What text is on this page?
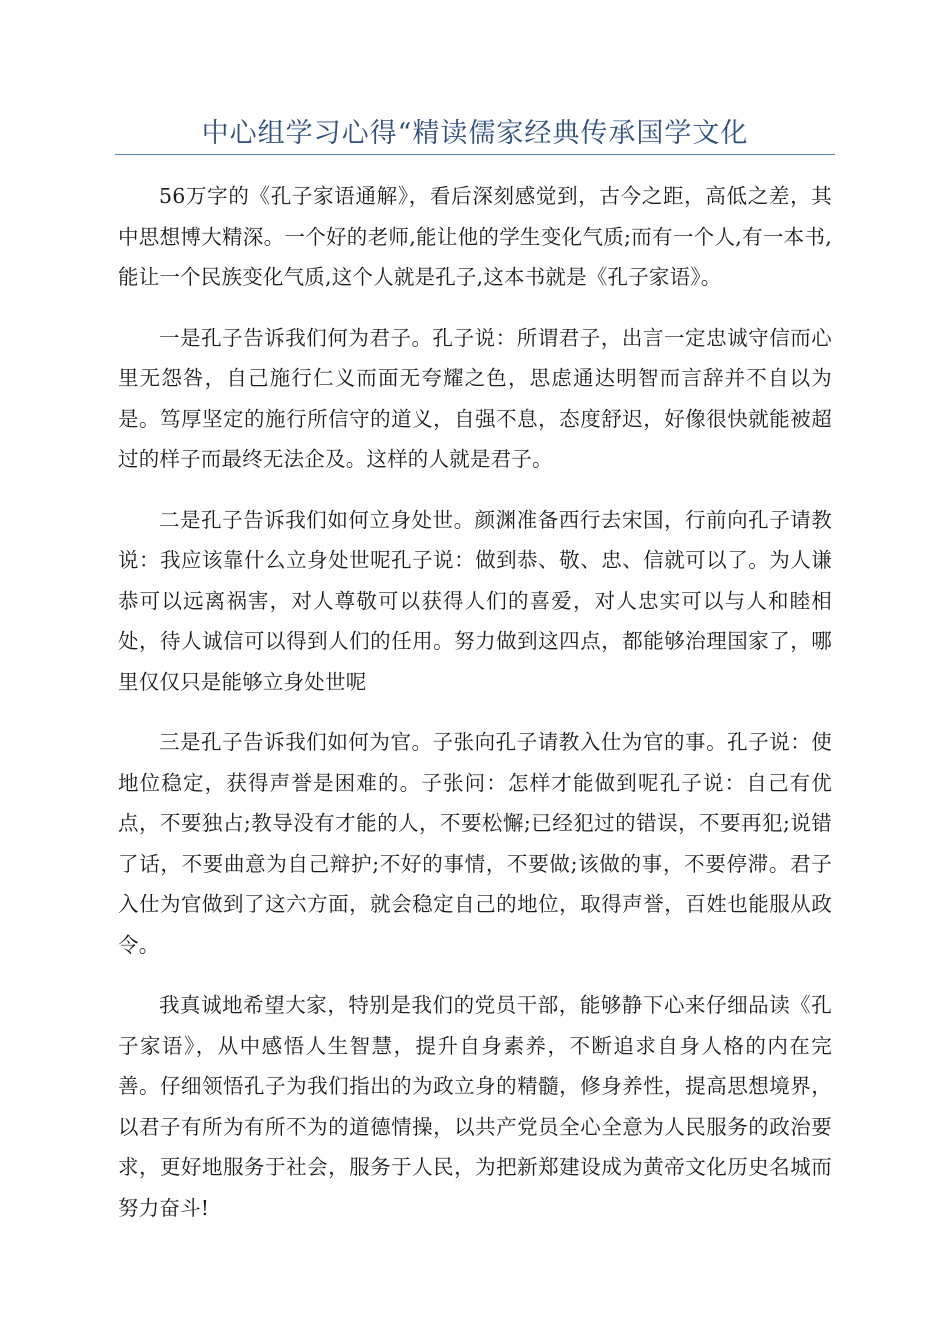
中心组学习心得“精读儒家经典传承国学文化

56万字的《孔子家语通解》，看后深刻感觉到，古今之距，高低之差，其中思想博大精深。一个好的老师,能让他的学生变化气质;而有一个人,有一本书,能让一个民族变化气质,这个人就是孔子,这本书就是《孔子家语》。

一是孔子告诉我们何为君子。孔子说：所谓君子，出言一定忠诚守信而心里无怨咎，自己施行仁义而面无夸耀之色，思虑通达明智而言辞并不自以为是。笃厚坚定的施行所信守的道义，自强不息，态度舒迟，好像很快就能被超过的样子而最终无法企及。这样的人就是君子。

二是孔子告诉我们如何立身处世。颜渊准备西行去宋国，行前向孔子请教说：我应该靠什么立身处世呢孔子说：做到恭、敬、忠、信就可以了。为人谦恭可以远离祸害，对人尊敬可以获得人们的喜爱，对人忠实可以与人和睦相处，待人诚信可以得到人们的任用。努力做到这四点，都能够治理国家了，哪里仅仅只是能够立身处世呢

三是孔子告诉我们如何为官。子张向孔子请教入仕为官的事。孔子说：使地位稳定，获得声誉是困难的。子张问：怎样才能做到呢孔子说：自己有优点，不要独占;教导没有才能的人，不要松懈;已经犯过的错误，不要再犯;说错了话，不要曲意为自己辩护;不好的事情，不要做;该做的事，不要停滞。君子入仕为官做到了这六方面，就会稳定自己的地位，取得声誉，百姓也能服从政令。

我真诚地希望大家，特别是我们的党员干部，能够静下心来仔细品读《孔子家语》，从中感悟人生智慧，提升自身素养，不断追求自身人格的内在完善。仔细领悟孔子为我们指出的为政立身的精髓，修身养性，提高思想境界，以君子有所为有所不为的道德情操，以共产党员全心全意为人民服务的政治要求，更好地服务于社会，服务于人民，为把新郑建设成为黄帝文化历史名城而努力奋斗!
